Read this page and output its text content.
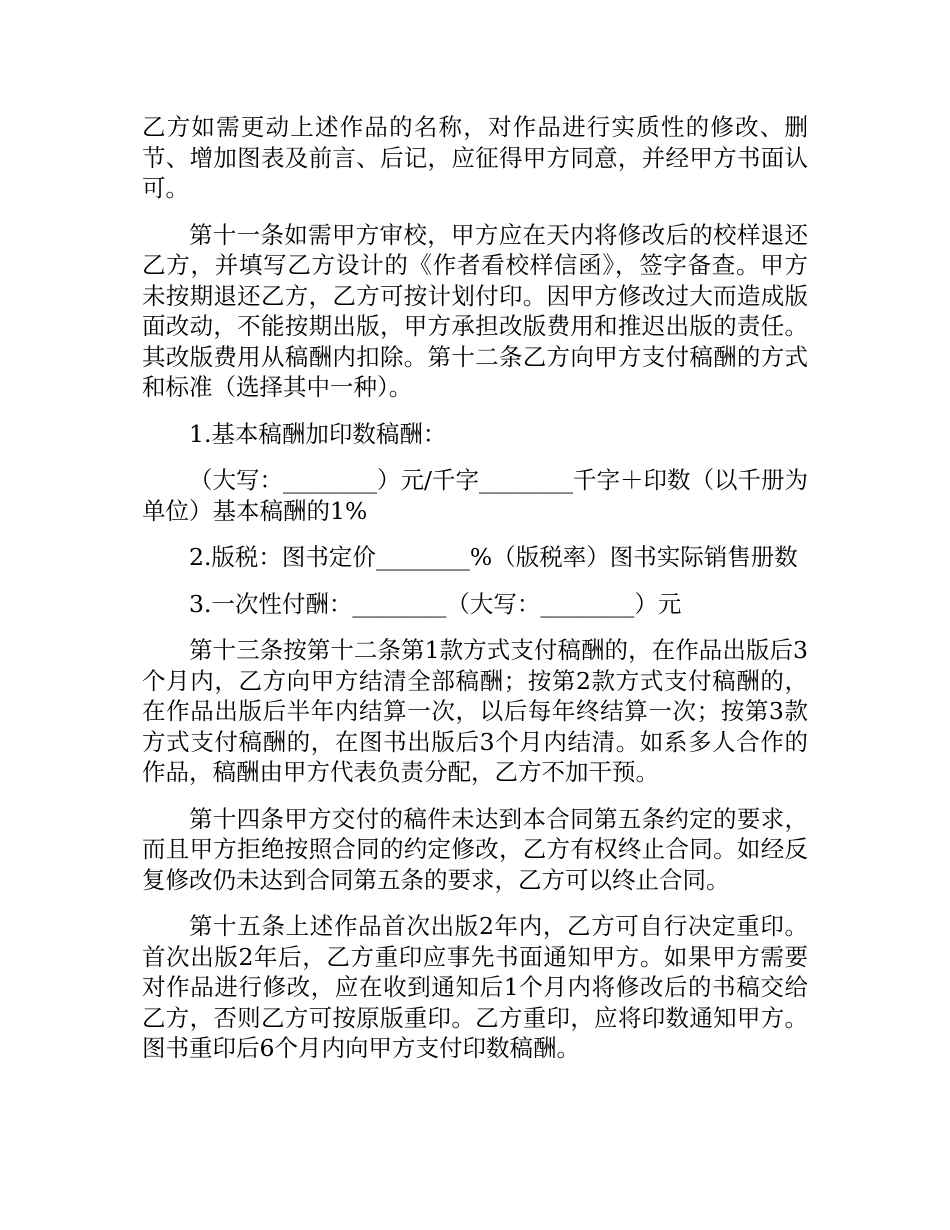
乙方如需更动上述作品的名称，对作品进行实质性的修改、删节、增加图表及前言、后记，应征得甲方同意，并经甲方书面认可。

第十一条如需甲方审校，甲方应在天内将修改后的校样退还乙方，并填写乙方设计的《作者看校样信函》，签字备查。甲方未按期退还乙方，乙方可按计划付印。因甲方修改过大而造成版面改动，不能按期出版，甲方承担改版费用和推迟出版的责任。其改版费用从稿酬内扣除。第十二条乙方向甲方支付稿酬的方式和标准（选择其中一种）。

1.基本稿酬加印数稿酬：

（大写：________）元/千字________千字＋印数（以千册为单位）基本稿酬的1%

2.版税：图书定价________%（版税率）图书实际销售册数

3.一次性付酬：________（大写：________）元

第十三条按第十二条第1款方式支付稿酬的，在作品出版后3个月内，乙方向甲方结清全部稿酬；按第2款方式支付稿酬的，在作品出版后半年内结算一次，以后每年终结算一次；按第3款方式支付稿酬的，在图书出版后3个月内结清。如系多人合作的作品，稿酬由甲方代表负责分配，乙方不加干预。

第十四条甲方交付的稿件未达到本合同第五条约定的要求，而且甲方拒绝按照合同的约定修改，乙方有权终止合同。如经反复修改仍未达到合同第五条的要求，乙方可以终止合同。

第十五条上述作品首次出版2年内，乙方可自行决定重印。首次出版2年后，乙方重印应事先书面通知甲方。如果甲方需要对作品进行修改，应在收到通知后1个月内将修改后的书稿交给乙方，否则乙方可按原版重印。乙方重印，应将印数通知甲方。图书重印后6个月内向甲方支付印数稿酬。
